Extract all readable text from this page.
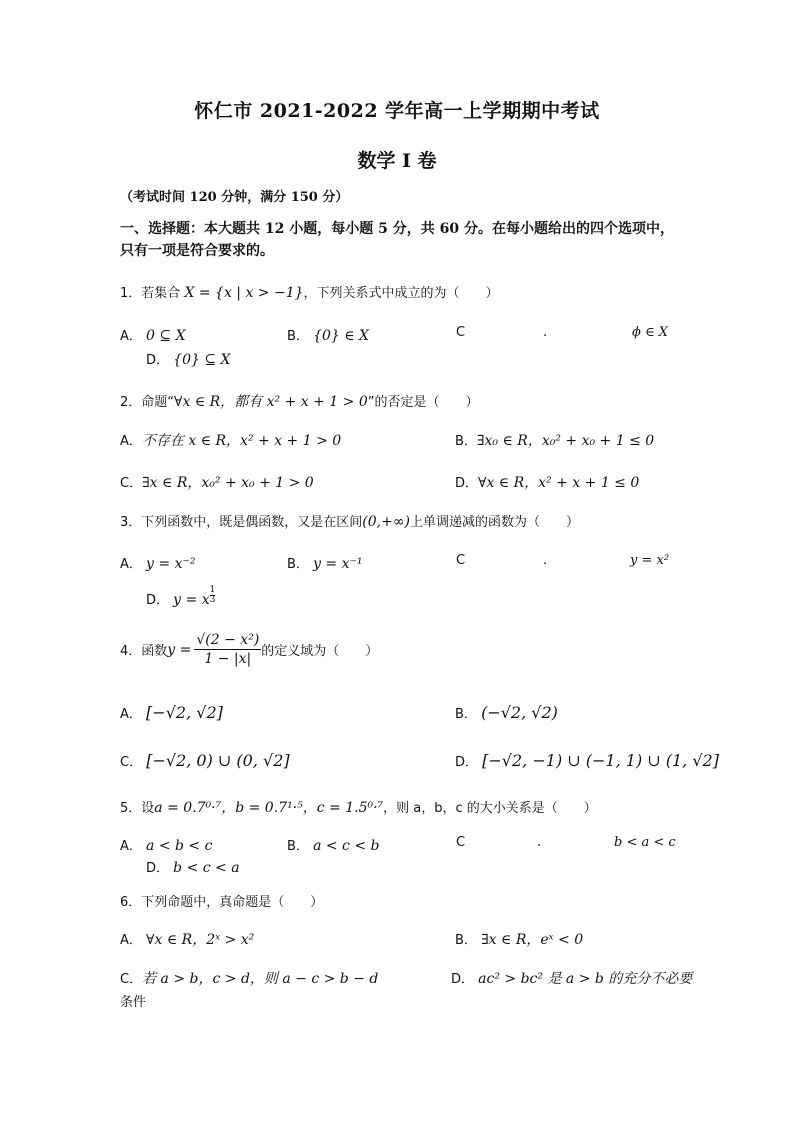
怀仁市 2021-2022 学年高一上学期期中考试
数学 I 卷
（考试时间 120 分钟，满分 150 分）
一、选择题：本大题共 12 小题，每小题 5 分，共 60 分。在每小题给出的四个选项中，只有一项是符合要求的。
1．若集合 X = {x | x > −1}，下列关系式中成立的为（　　）
A． 0 ⊆ X	B． {0} ∈ X	C	.	ϕ ∈ X
D． {0} ⊆ X
2．命题“∀x ∈ R，都有 x² + x + 1 > 0”的否定是（　　）
A．不存在 x ∈ R，x² + x + 1 > 0	B．∃x₀ ∈ R，x₀² + x₀ + 1 ≤ 0
C．∃x ∈ R，x₀² + x₀ + 1 > 0	D．∀x ∈ R，x² + x + 1 ≤ 0
3．下列函数中，既是偶函数，又是在区间(0,+∞)上单调递减的函数为（　　）
A． y = x⁻²	B． y = x⁻¹	C	.	y = x²
D． y = x $\frac{1}{3}$
4． 函数 $y = \frac{\text{√(2 − x²)}}{1 - |x|}$ 的定义域为（　　）
A． [−√2, √2]	B． (−√2, √2)
C． [−√2, 0) ∪ (0, √2]	D． [−√2, −1) ∪ (−1, 1) ∪ (1, √2]
5．设a = 0.7⁰·⁷，b = 0.7¹·⁵，c = 1.5⁰·⁷，则 a，b，c 的大小关系是（　　）
A． a < b < c	B． a < c < b	C	.	b < a < c
D． b < c < a
6．下列命题中，真命题是（　　）
A． ∀x ∈ R，2ˣ > x²	B． ∃x ∈ R，eˣ < 0
C．若 a > b，c > d，则 a − c > b − d	D． ac² > bc² 是 a > b 的充分不必要
条件
